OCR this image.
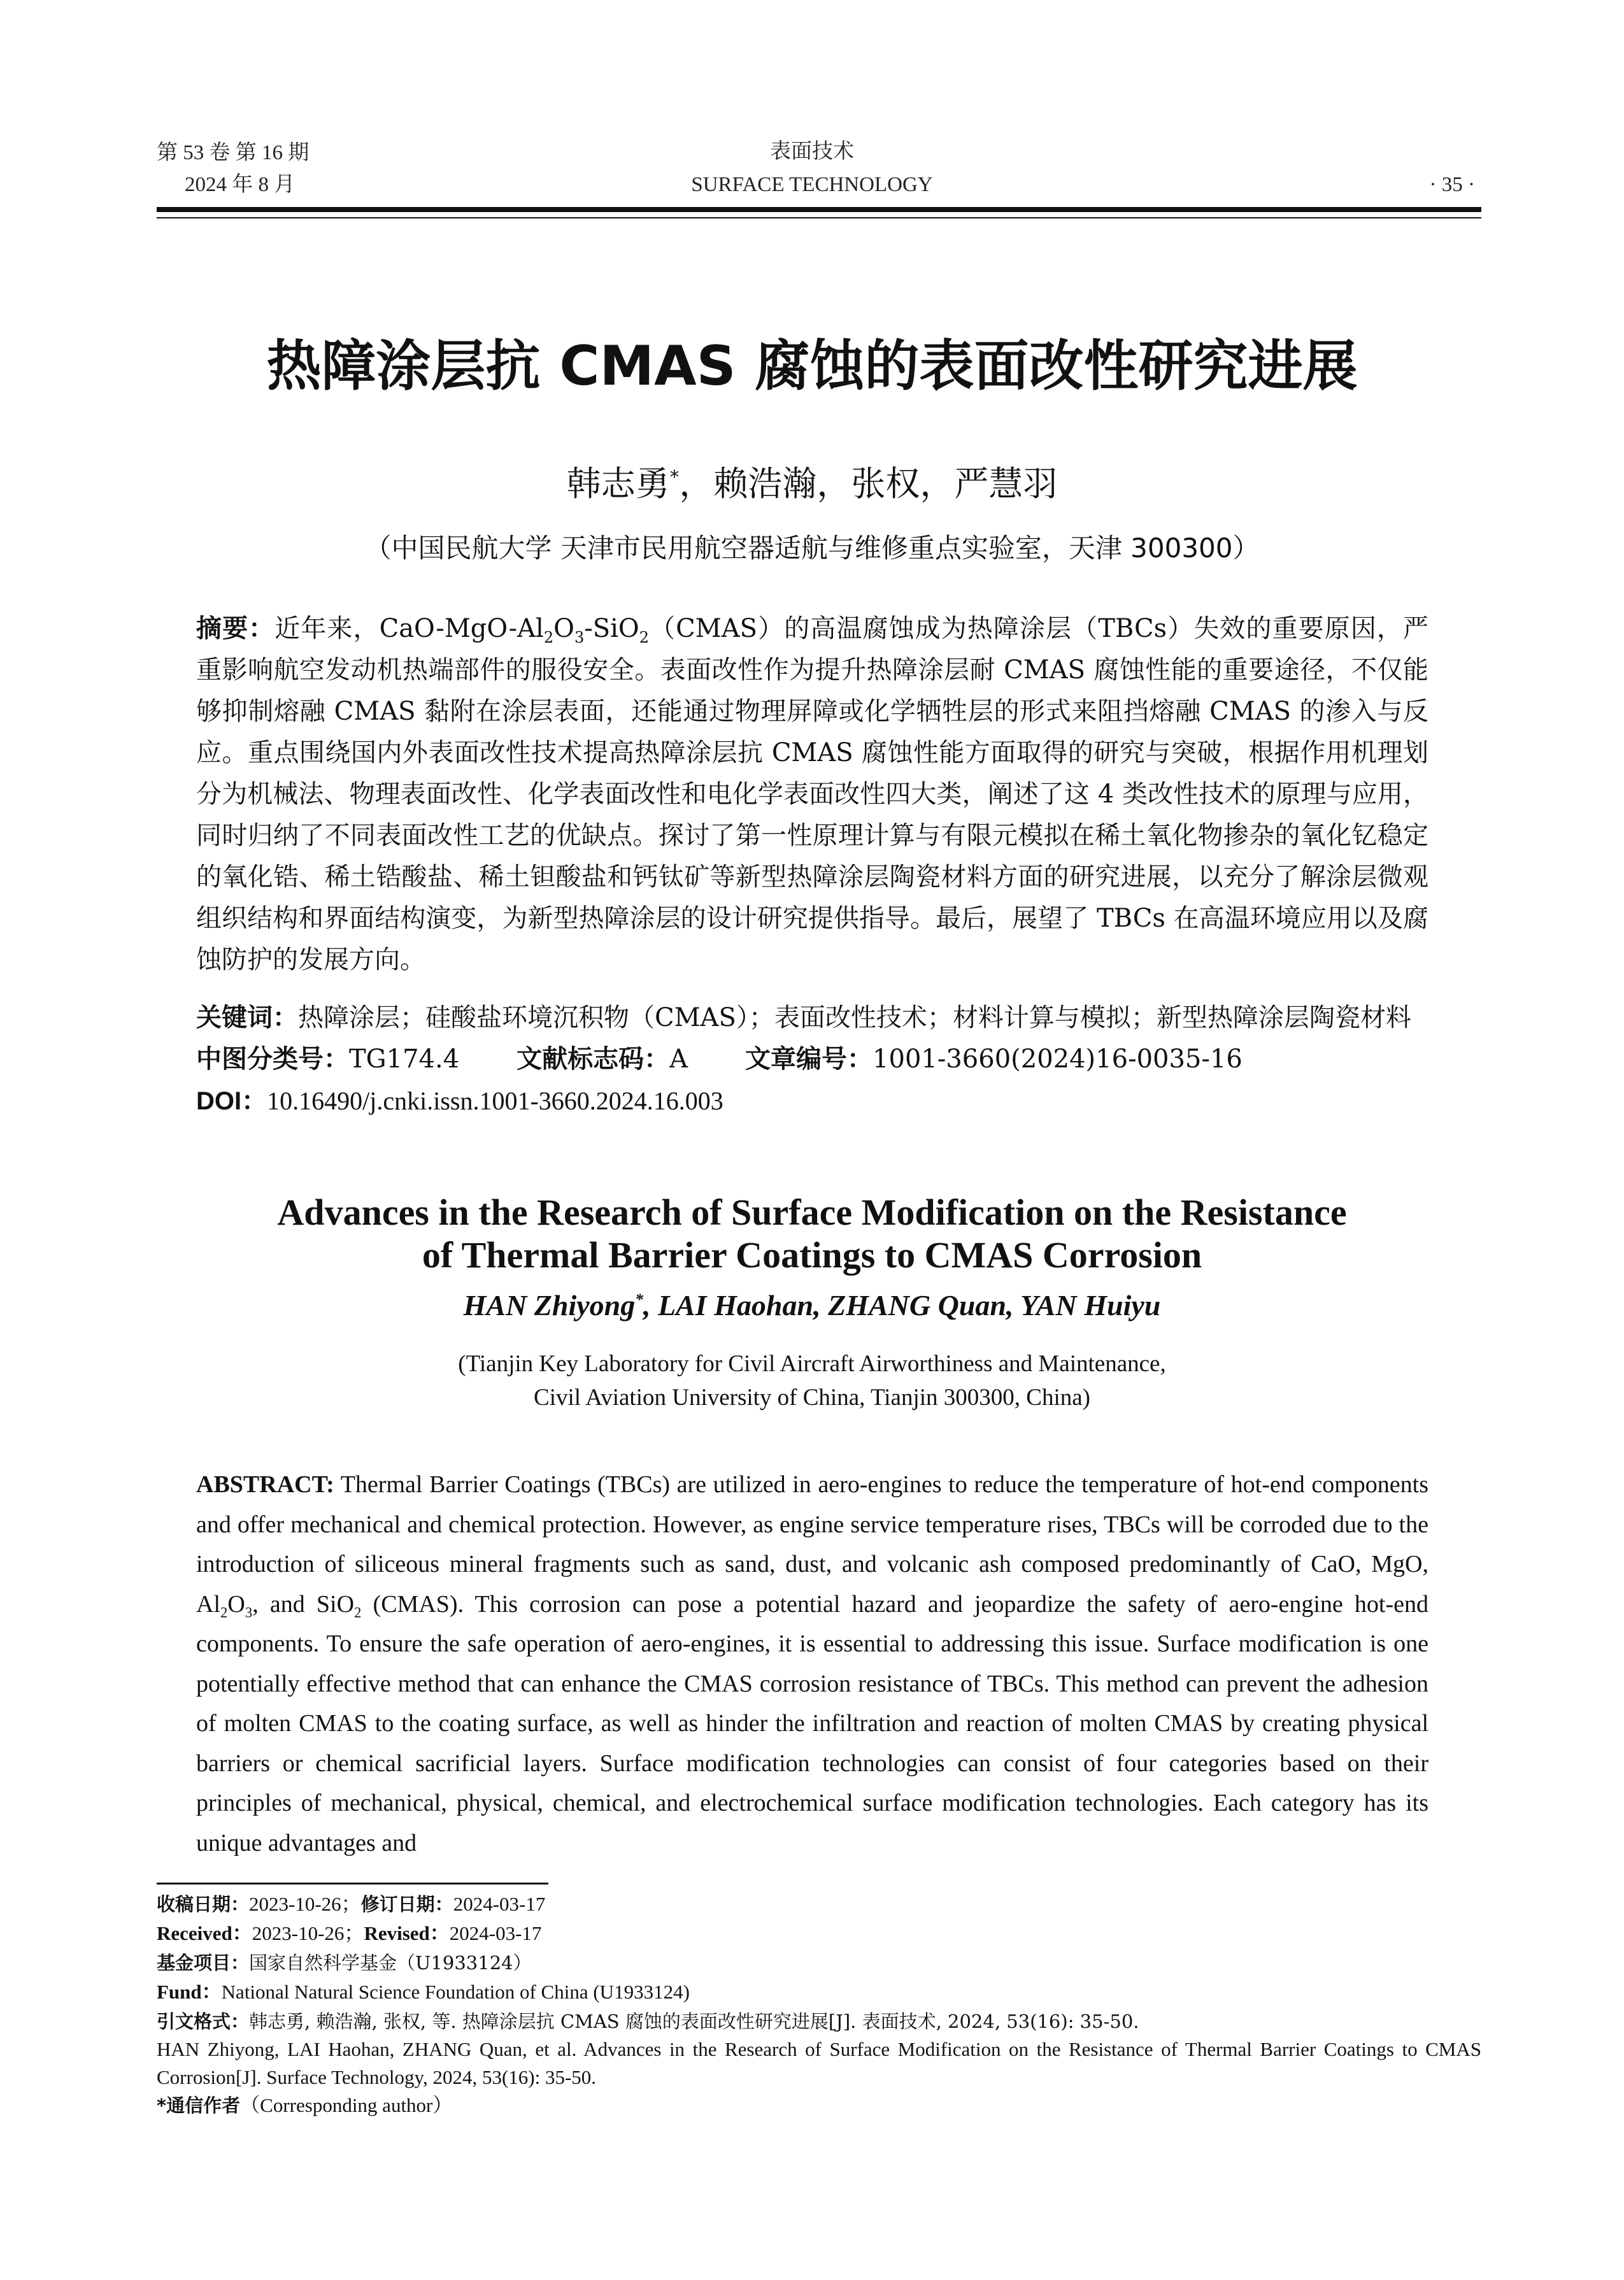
第 53 卷 第 16 期
2024 年 8 月
表面技术
SURFACE TECHNOLOGY	· 35 ·
热障涂层抗 CMAS 腐蚀的表面改性研究进展
韩志勇*，赖浩瀚，张权，严慧羽
（中国民航大学 天津市民用航空器适航与维修重点实验室，天津 300300）
摘要：近年来，CaO-$MgO-Al_2O_3-SiO_2(CMAS)$的高温腐蚀成为热障涂层（TBCs）失效的重要原因，严重影响航空发动机热端部件的服役安全。表面改性作为提升热障涂层耐 CMAS 腐蚀性能的重要途径，不仅能够抑制熔融 CMAS 黏附在涂层表面，还能通过物理屏障或化学牺牲层的形式来阻挡熔融 CMAS 的渗入与反应。重点围绕国内外表面改性技术提高热障涂层抗 CMAS 腐蚀性能方面取得的研究与突破，根据作用机理划分为机械法、物理表面改性、化学表面改性和电化学表面改性四大类，阐述了这 4 类改性技术的原理与应用，同时归纳了不同表面改性工艺的优缺点。探讨了第一性原理计算与有限元模拟在稀土氧化物掺杂的氧化钇稳定的氧化锆、稀土锆酸盐、稀土钽酸盐和钙钛矿等新型热障涂层陶瓷材料方面的研究进展，以充分了解涂层微观组织结构和界面结构演变，为新型热障涂层的设计研究提供指导。最后，展望了 TBCs 在高温环境应用以及腐蚀防护的发展方向。
关键词：热障涂层；硅酸盐环境沉积物（CMAS）；表面改性技术；材料计算与模拟；新型热障涂层陶瓷材料
中图分类号：TG174.4 文献标志码：A 文章编号：1001-3660(2024)16-0035-16
DOI：10.16490/j.cnki.issn.1001-3660.2024.16.003
Advances in the Research of Surface Modification on the Resistance
of Thermal Barrier Coatings to CMAS Corrosion
HAN Zhiyong*, LAI Haohan, ZHANG Quan, YAN Huiyu
(Tianjin Key Laboratory for Civil Aircraft Airworthiness and Maintenance,
Civil Aviation University of China, Tianjin 300300, China)
ABSTRACT: Thermal Barrier Coatings (TBCs) are utilized in aero-engines to reduce the temperature of hot-end components and offer mechanical and chemical protection. However, as engine service temperature rises, TBCs will be corroded due to the introduction of siliceous mineral fragments such as sand, dust, and volcanic ash composed predominantly of CaO, MgO, $Al_2O_3$, and SiO$_2$ (CMAS). This corrosion can pose a potential hazard and jeopardize the safety of aero-engine hot-end components. To ensure the safe operation of aero-engines, it is essential to addressing this issue. Surface modification is one potentially effective method that can enhance the CMAS corrosion resistance of TBCs. This method can prevent the adhesion of molten CMAS to the coating surface, as well as hinder the infiltration and reaction of molten CMAS by creating physical barriers or chemical sacrificial layers. Surface modification technologies can consist of four categories based on their principles of mechanical, physical, chemical, and electrochemical surface modification technologies. Each category has its unique advantages and
收稿日期：2023-10-26；修订日期：2024-03-17
Received：2023-10-26；Revised：2024-03-17
基金项目：国家自然科学基金（U1933124）
Fund：National Natural Science Foundation of China (U1933124)
引文格式：韩志勇, 赖浩瀚, 张权, 等. 热障涂层抗 CMAS 腐蚀的表面改性研究进展[J]. 表面技术, 2024, 53(16): 35-50.
HAN Zhiyong, LAI Haohan, ZHANG Quan, et al. Advances in the Research of Surface Modification on the Resistance of Thermal Barrier Coatings to CMAS Corrosion[J]. Surface Technology, 2024, 53(16): 35-50.
*通信作者（Corresponding author）
